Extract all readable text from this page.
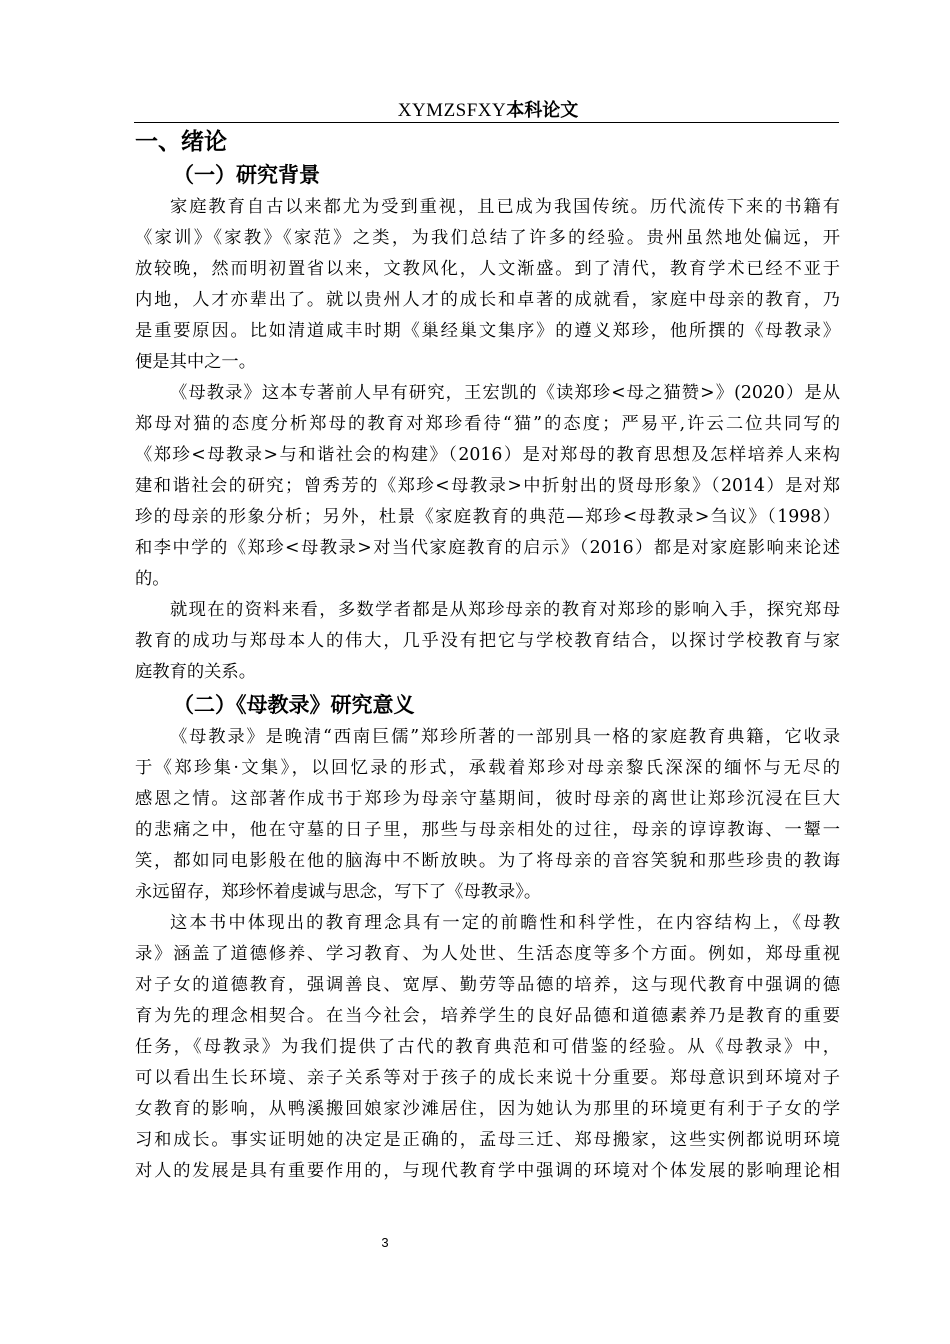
XYMZSFXY本科论文
一、绪论
（一）研究背景

家庭教育自古以来都尤为受到重视，且已成为我国传统。历代流传下来的书籍有
《家训》《家教》《家范》之类，为我们总结了许多的经验。贵州虽然地处偏远，开
放较晚，然而明初置省以来，文教风化，人文渐盛。到了清代，教育学术已经不亚于
内地，人才亦辈出了。就以贵州人才的成长和卓著的成就看，家庭中母亲的教育，乃
是重要原因。比如清道咸丰时期《巢经巢文集序》的遵义郑珍，他所撰的《母教录》
便是其中之一。

《母教录》这本专著前人早有研究，王宏凯的《读郑珍<母之猫赞>》(2020）是从
郑母对猫的态度分析郑母的教育对郑珍看待“猫”的态度；严易平,许云二位共同写的
《郑珍<母教录>与和谐社会的构建》（2016）是对郑母的教育思想及怎样培养人来构
建和谐社会的研究；曾秀芳的《郑珍<母教录>中折射出的贤母形象》（2014）是对郑
珍的母亲的形象分析；另外，杜景《家庭教育的典范—郑珍<母教录>刍议》（1998）
和李中学的《郑珍<母教录>对当代家庭教育的启示》（2016）都是对家庭影响来论述
的。

就现在的资料来看，多数学者都是从郑珍母亲的教育对郑珍的影响入手，探究郑母
教育的成功与郑母本人的伟大，几乎没有把它与学校教育结合，以探讨学校教育与家
庭教育的关系。

（二）《母教录》研究意义

《母教录》是晚清“西南巨儒”郑珍所著的一部别具一格的家庭教育典籍，它收录
于《郑珍集·文集》，以回忆录的形式，承载着郑珍对母亲黎氏深深的缅怀与无尽的
感恩之情。这部著作成书于郑珍为母亲守墓期间，彼时母亲的离世让郑珍沉浸在巨大
的悲痛之中，他在守墓的日子里，那些与母亲相处的过往，母亲的谆谆教诲、一颦一
笑，都如同电影般在他的脑海中不断放映。为了将母亲的音容笑貌和那些珍贵的教诲
永远留存，郑珍怀着虔诚与思念，写下了《母教录》。

这本书中体现出的教育理念具有一定的前瞻性和科学性，在内容结构上，《母教
录》涵盖了道德修养、学习教育、为人处世、生活态度等多个方面。例如，郑母重视
对子女的道德教育，强调善良、宽厚、勤劳等品德的培养，这与现代教育中强调的德
育为先的理念相契合。在当今社会，培养学生的良好品德和道德素养乃是教育的重要
任务，《母教录》为我们提供了古代的教育典范和可借鉴的经验。从《母教录》中，
可以看出生长环境、亲子关系等对于孩子的成长来说十分重要。郑母意识到环境对子
女教育的影响，从鸭溪搬回娘家沙滩居住，因为她认为那里的环境更有利于子女的学
习和成长。事实证明她的决定是正确的，孟母三迁、郑母搬家，这些实例都说明环境
对人的发展是具有重要作用的，与现代教育学中强调的环境对个体发展的影响理论相

3
